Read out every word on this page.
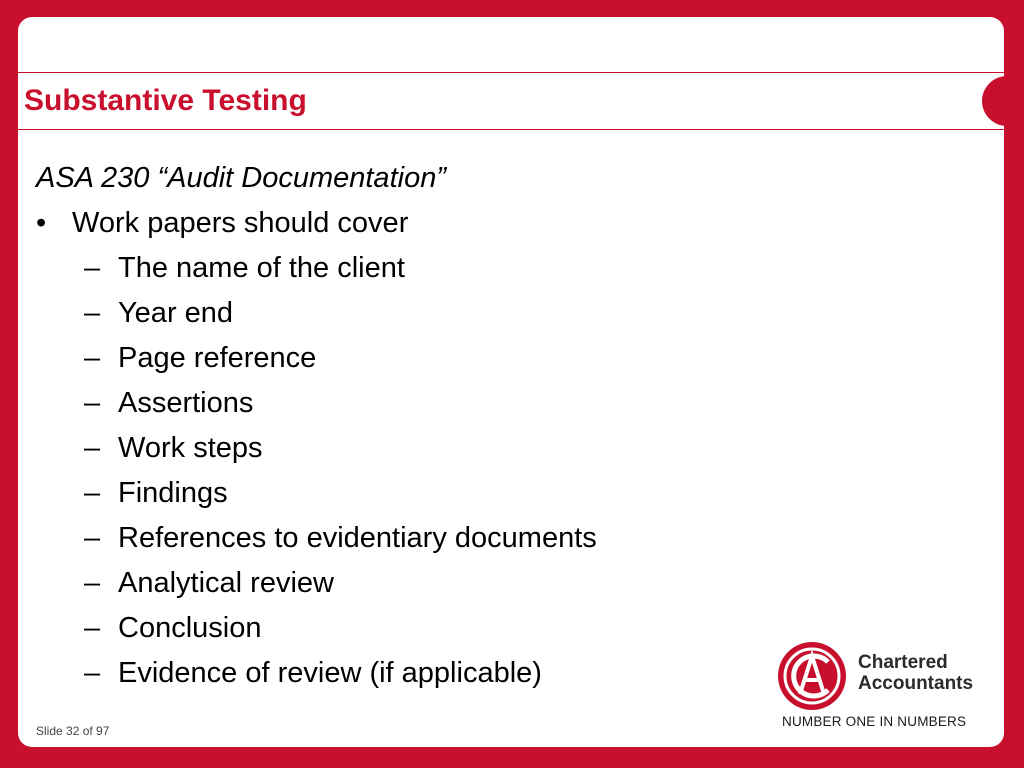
Substantive Testing
ASA 230 “Audit Documentation”
• Work papers should cover
– The name of the client
– Year end
– Page reference
– Assertions
– Work steps
– Findings
– References to evidentiary documents
– Analytical review
– Conclusion
– Evidence of review (if applicable)	Chartered
Accountants
NUMBER ONE IN NUMBERS
Slide 32 of 97
